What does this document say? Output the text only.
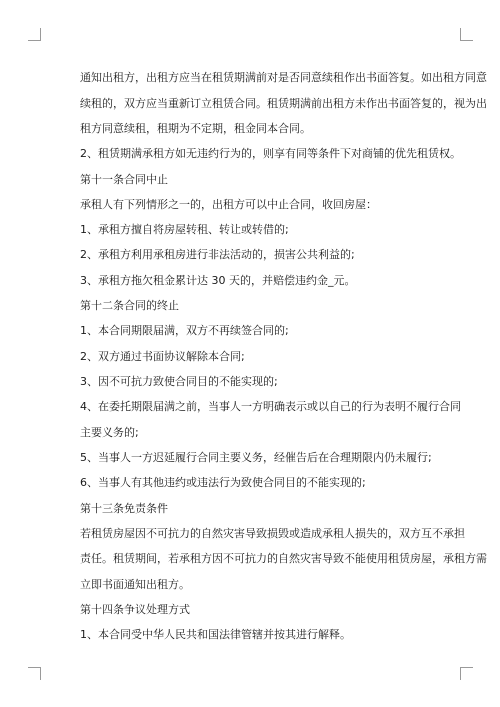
通知出租方，出租方应当在租赁期满前对是否同意续租作出书面答复。如出租方同意
续租的，双方应当重新订立租赁合同。租赁期满前出租方未作出书面答复的，视为出
租方同意续租，租期为不定期，租金同本合同。
2、租赁期满承租方如无违约行为的，则享有同等条件下对商铺的优先租赁权。
第十一条合同中止
承租人有下列情形之一的，出租方可以中止合同，收回房屋：
1、承租方擅自将房屋转租、转让或转借的;
2、承租方利用承租房进行非法活动的，损害公共利益的;
3、承租方拖欠租金累计达 30 天的，并赔偿违约金_元。
第十二条合同的终止
1、本合同期限届满，双方不再续签合同的;
2、双方通过书面协议解除本合同;
3、因不可抗力致使合同目的不能实现的;
4、在委托期限届满之前，当事人一方明确表示或以自己的行为表明不履行合同
主要义务的;
5、当事人一方迟延履行合同主要义务，经催告后在合理期限内仍未履行;
6、当事人有其他违约或违法行为致使合同目的不能实现的;
第十三条免责条件
若租赁房屋因不可抗力的自然灾害导致损毁或造成承租人损失的，双方互不承担
责任。租赁期间，若承租方因不可抗力的自然灾害导致不能使用租赁房屋，承租方需
立即书面通知出租方。
第十四条争议处理方式
1、本合同受中华人民共和国法律管辖并按其进行解释。
